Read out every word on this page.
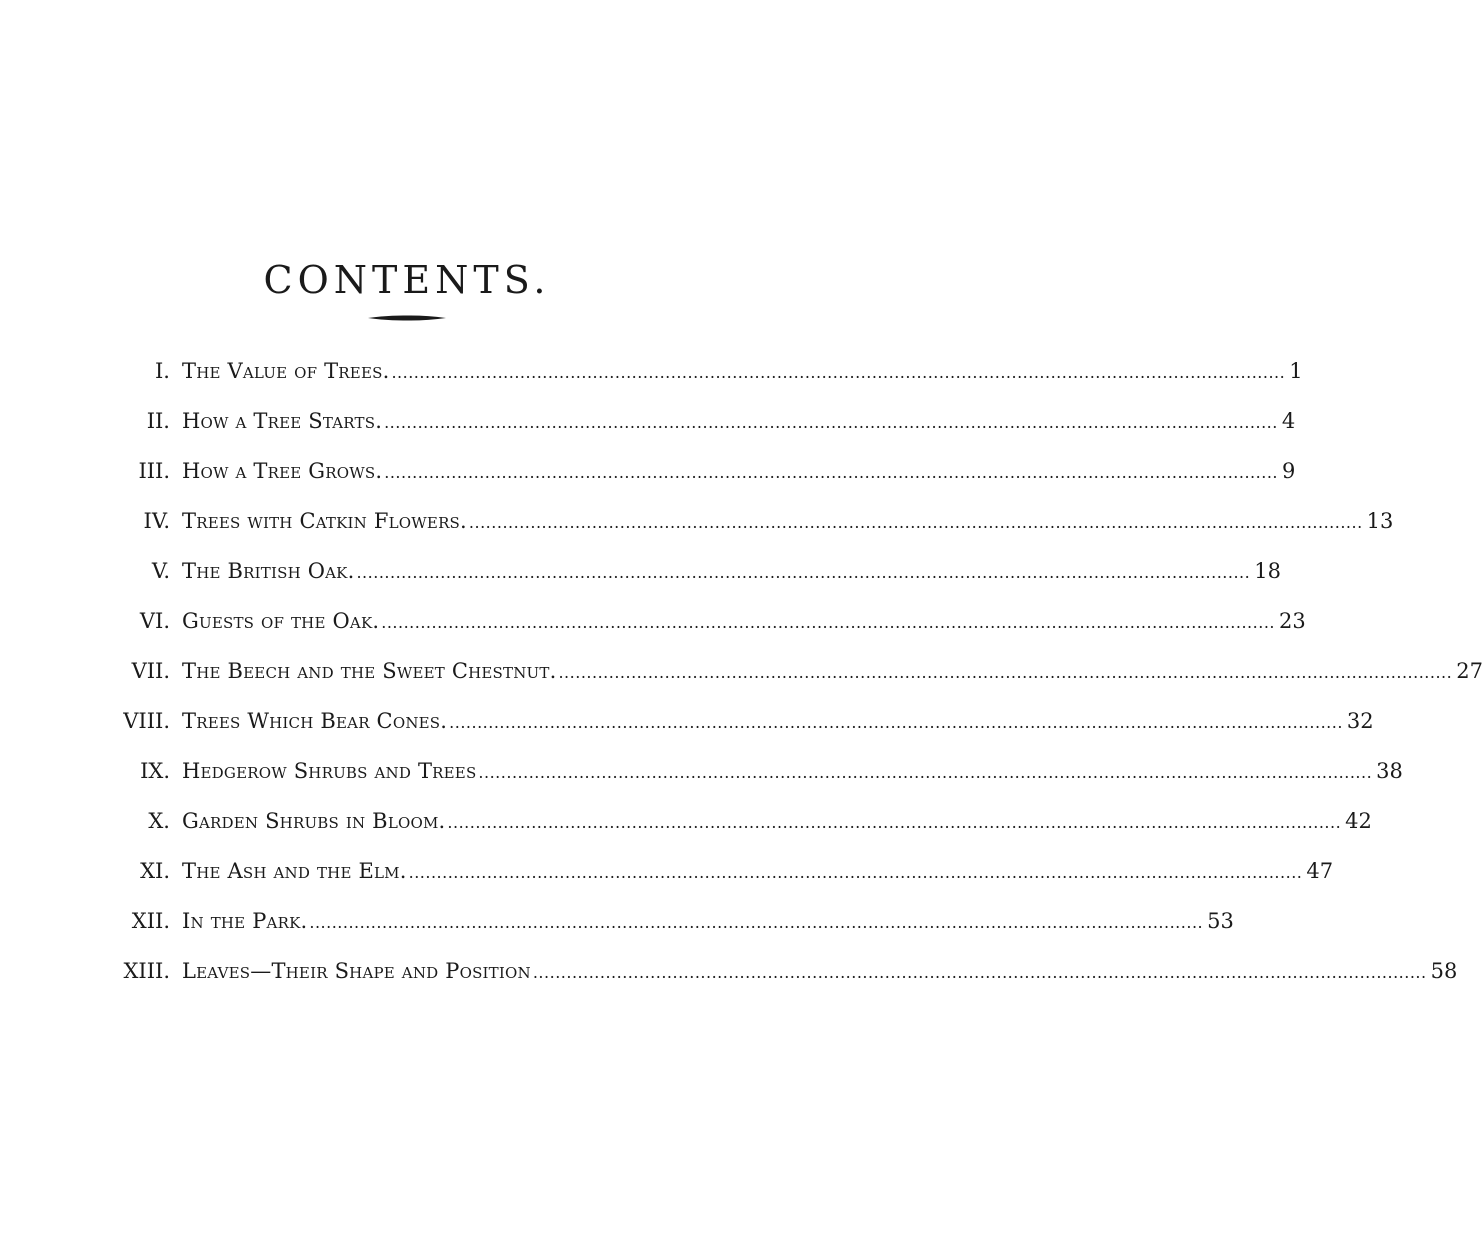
CONTENTS.
I. The Value of Trees. ................................................................................................................................................................ 1
II. How a Tree Starts. ................................................................................................................................................................ 4
III. How a Tree Grows. ................................................................................................................................................................ 9
IV. Trees with Catkin Flowers. ................................................................................................................................................................ 13
V. The British Oak. ................................................................................................................................................................ 18
VI. Guests of the Oak. ................................................................................................................................................................ 23
VII. The Beech and the Sweet Chestnut. ................................................................................................................................................................ 27
VIII. Trees Which Bear Cones. ................................................................................................................................................................ 32
IX. Hedgerow Shrubs and Trees ................................................................................................................................................................ 38
X. Garden Shrubs in Bloom. ................................................................................................................................................................ 42
XI. The Ash and the Elm. ................................................................................................................................................................ 47
XII. In the Park. ................................................................................................................................................................ 53
XIII. Leaves—Their Shape and Position ................................................................................................................................................................ 58
